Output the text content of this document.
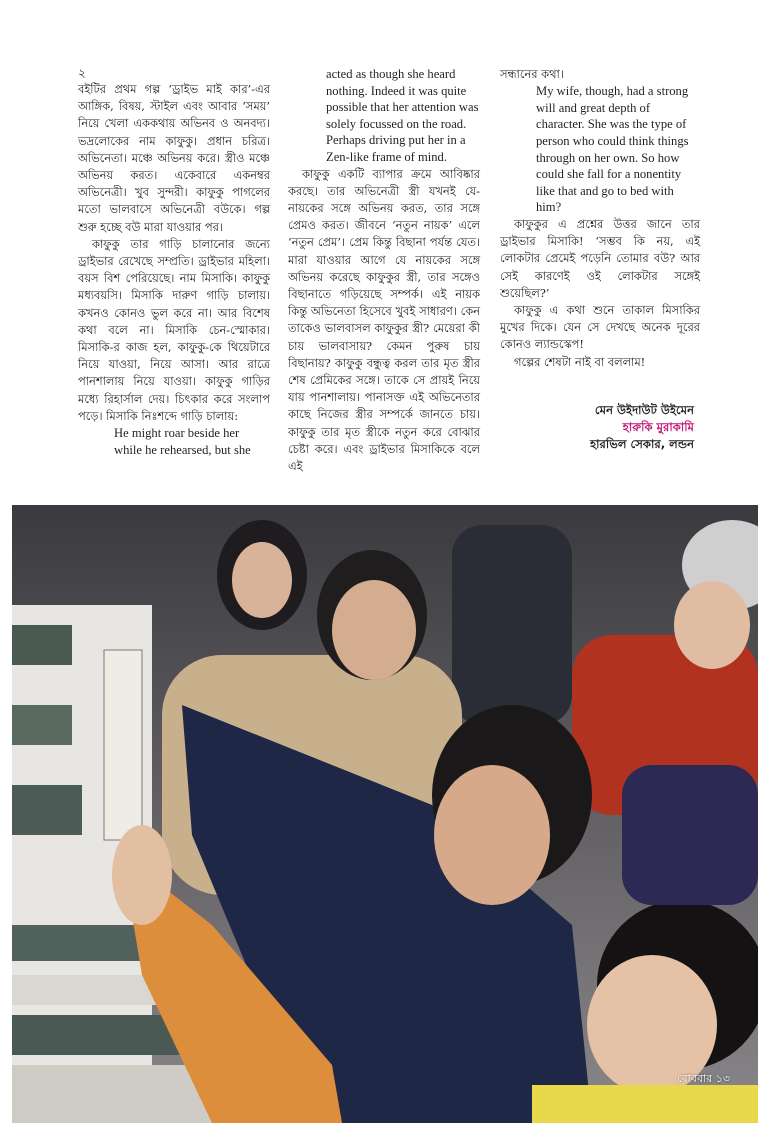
২

বইটির প্রথম গল্প ‘ড্রাইভ মাই কার’-এর আঙ্গিক, বিষয়, স্টাইল এবং আবার ‘সময়’ নিয়ে খেলা এককথায় অভিনব ও অনবদ্য। ভদ্রলোকের নাম কাফুকু। প্রধান চরিত্র। অভিনেতা। মঞ্চে অভিনয় করে। স্ত্রীও মঞ্চে অভিনয় করত। একেবারে একনম্বর অভিনেত্রী। খুব সুন্দরী। কাফুকু পাগলের মতো ভালবাসে অভিনেত্রী বউকে। গল্প শুরু হচ্ছে বউ মারা যাওয়ার পর।

কাফুকু তার গাড়ি চালানোর জন্যে ড্রাইভার রেখেছে সম্প্রতি। ড্রাইভার মহিলা। বয়স বিশ পেরিয়েছে। নাম মিসাকি। কাফুকু মধ্যবয়সি। মিসাকি দারুণ গাড়ি চালায়। কখনও কোনও ভুল করে না। আর বিশেষ কথা বলে না। মিসাকি চেন-স্মোকার। মিসাকি-র কাজ হল, কাফুকু-কে থিয়েটারে নিয়ে যাওয়া, নিয়ে আসা। আর রাত্রে পানশালায় নিয়ে যাওয়া। কাফুকু গাড়ির মধ্যে রিহার্সাল দেয়। চিৎকার করে সংলাপ পড়ে। মিসাকি নিঃশব্দে গাড়ি চালায়:

He might roar beside her while he rehearsed, but she

acted as though she heard nothing. Indeed it was quite possible that her attention was solely focussed on the road. Perhaps driving put her in a Zen-like frame of mind.

কাফুকু একটি ব্যাপার ক্রমে আবিষ্কার করছে। তার অভিনেত্রী স্ত্রী যখনই যে-নায়কের সঙ্গে অভিনয় করত, তার সঙ্গে প্রেমও করত। জীবনে ‘নতুন নায়ক’ এলে ‘নতুন প্রেম’। প্রেম কিন্তু বিছানা পর্যন্ত যেত। মারা যাওয়ার আগে যে নায়কের সঙ্গে অভিনয় করেছে কাফুকুর স্ত্রী, তার সঙ্গেও বিছানাতে গড়িয়েছে সম্পর্ক। এই নায়ক কিন্তু অভিনেতা হিসেবে খুবই সাধারণ। কেন তাকেও ভালবাসল কাফুকুর স্ত্রী? মেয়েরা কী চায় ভালবাসায়? কেমন পুরুষ চায় বিছানায়? কাফুকু বন্ধুত্ব করল তার মৃত স্ত্রীর শেষ প্রেমিকের সঙ্গে। তাকে সে প্রায়ই নিয়ে যায় পানশালায়। পানাসক্ত এই অভিনেতার কাছে নিজের স্ত্রীর সম্পর্কে জানতে চায়। কাফুকু তার মৃত স্ত্রীকে নতুন করে বোঝার চেষ্টা করে। এবং ড্রাইভার মিসাকিকে বলে এই

সন্ধানের কথা।

My wife, though, had a strong will and great depth of character. She was the type of person who could think things through on her own. So how could she fall for a nonentity like that and go to bed with him?

কাফুকুর এ প্রশ্নের উত্তর জানে তার ড্রাইভার মিসাকি! ‘সম্ভব কি নয়, এই লোকটার প্রেমেই পড়েনি তোমার বউ? আর সেই কারণেই ওই লোকটার সঙ্গেই শুয়েছিল?’

কাফুকু এ কথা শুনে তাকাল মিসাকির মুখের দিকে। যেন সে দেখছে অনেক দূরের কোনও ল্যান্ডস্কেপ!

গল্পের শেষটা নাই বা বললাম!

মেন উইদাউট উইমেন
হারুকি মুরাকামি
হারভিল সেকার, লন্ডন
রোববার ১৩
